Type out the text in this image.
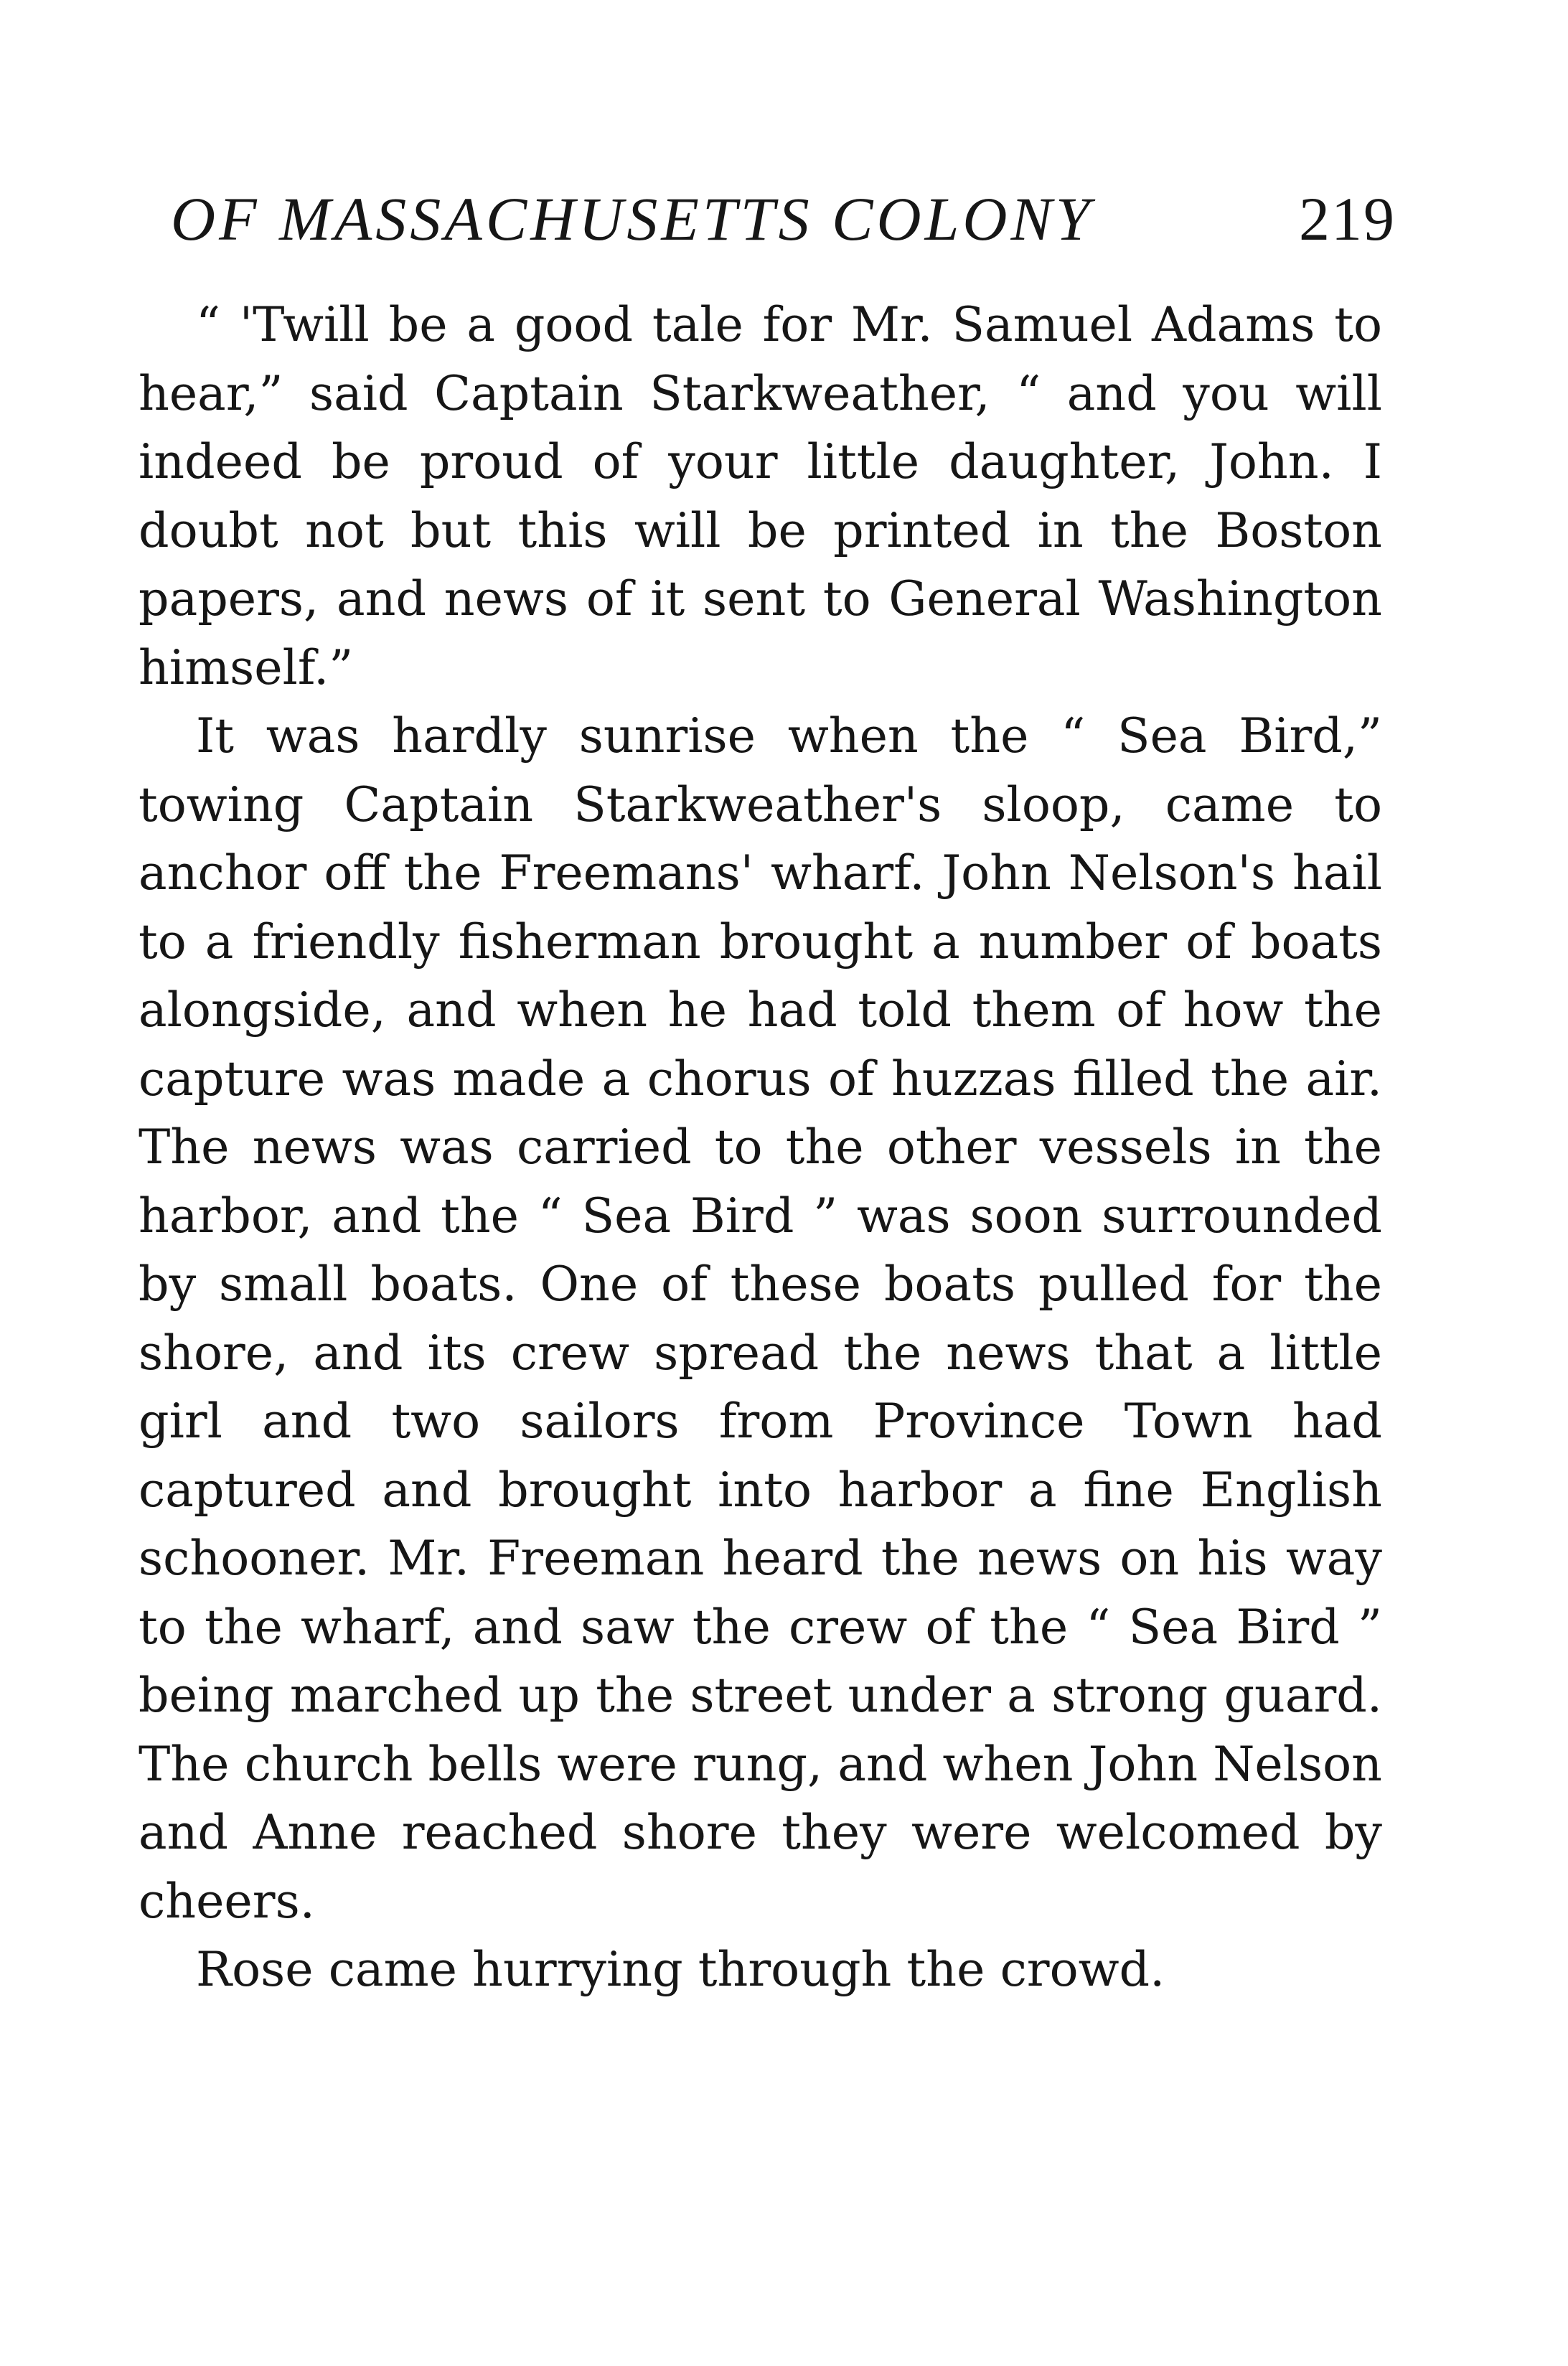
OF MASSACHUSETTS COLONY	219

“ 'Twill be a good tale for Mr. Samuel Adams to hear,” said Captain Starkweather, “ and you will indeed be proud of your little daughter, John. I doubt not but this will be printed in the Boston papers, and news of it sent to General Washington himself.”

It was hardly sunrise when the “ Sea Bird,” towing Captain Starkweather's sloop, came to anchor off the Freemans' wharf. John Nelson's hail to a friendly fisherman brought a number of boats alongside, and when he had told them of how the capture was made a chorus of huzzas filled the air. The news was carried to the other vessels in the harbor, and the “ Sea Bird ” was soon surrounded by small boats. One of these boats pulled for the shore, and its crew spread the news that a little girl and two sailors from Province Town had captured and brought into harbor a fine English schooner. Mr. Freeman heard the news on his way to the wharf, and saw the crew of the “ Sea Bird ” being marched up the street under a strong guard. The church bells were rung, and when John Nelson and Anne reached shore they were welcomed by cheers.

Rose came hurrying through the crowd.
